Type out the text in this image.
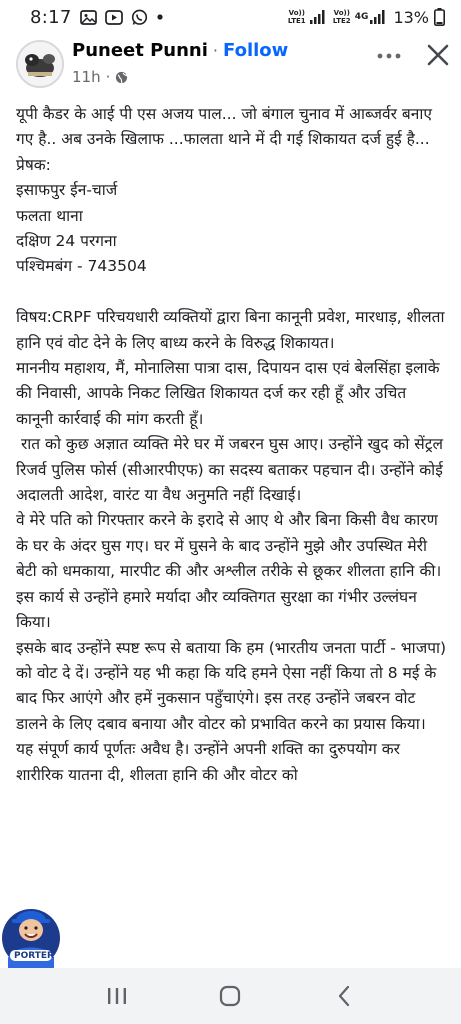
8:17	Vo)) LTE1
Vo)) LTE2 4G 13%
Puneet Punni · Follow
11h ·
यूपी कैडर के आई पी एस अजय पाल... जो बंगाल चुनाव में आब्जर्वर बनाए गए है.. अब उनके खिलाफ ...फालता थाने में दी गई शिकायत दर्ज हुई है...
प्रेषक:
इसाफपुर ईन-चार्ज
फलता थाना
दक्षिण 24 परगना
पश्चिमबंग - 743504
विषय:CRPF परिचयधारी व्यक्तियों द्वारा बिना कानूनी प्रवेश, मारधाड़, शीलता हानि एवं वोट देने के लिए बाध्य करने के विरुद्ध शिकायत।
माननीय महाशय, मैं, मोनालिसा पात्रा दास, दिपायन दास एवं बेलसिंहा इलाके की निवासी, आपके निकट लिखित शिकायत दर्ज कर रही हूँ और उचित कानूनी कार्रवाई की मांग करती हूँ।
रात को कुछ अज्ञात व्यक्ति मेरे घर में जबरन घुस आए। उन्होंने खुद को सेंट्रल रिजर्व पुलिस फोर्स (सीआरपीएफ) का सदस्य बताकर पहचान दी। उन्होंने कोई अदालती आदेश, वारंट या वैध अनुमति नहीं दिखाई।
वे मेरे पति को गिरफ्तार करने के इरादे से आए थे और बिना किसी वैध कारण के घर के अंदर घुस गए। घर में घुसने के बाद उन्होंने मुझे और उपस्थित मेरी बेटी को धमकाया, मारपीट की और अश्लील तरीके से छूकर शीलता हानि की। इस कार्य से उन्होंने हमारे मर्यादा और व्यक्तिगत सुरक्षा का गंभीर उल्लंघन किया।
इसके बाद उन्होंने स्पष्ट रूप से बताया कि हम (भारतीय जनता पार्टी - भाजपा) को वोट दे दें। उन्होंने यह भी कहा कि यदि हमने ऐसा नहीं किया तो 8 मई के बाद फिर आएंगे और हमें नुकसान पहुँचाएंगे। इस तरह उन्होंने जबरन वोट डालने के लिए दबाव बनाया और वोटर को प्रभावित करने का प्रयास किया।
यह संपूर्ण कार्य पूर्णतः अवैध है। उन्होंने अपनी शक्ति का दुरुपयोग कर शारीरिक यातना दी, शीलता हानि की और वोटर को
PORTER
